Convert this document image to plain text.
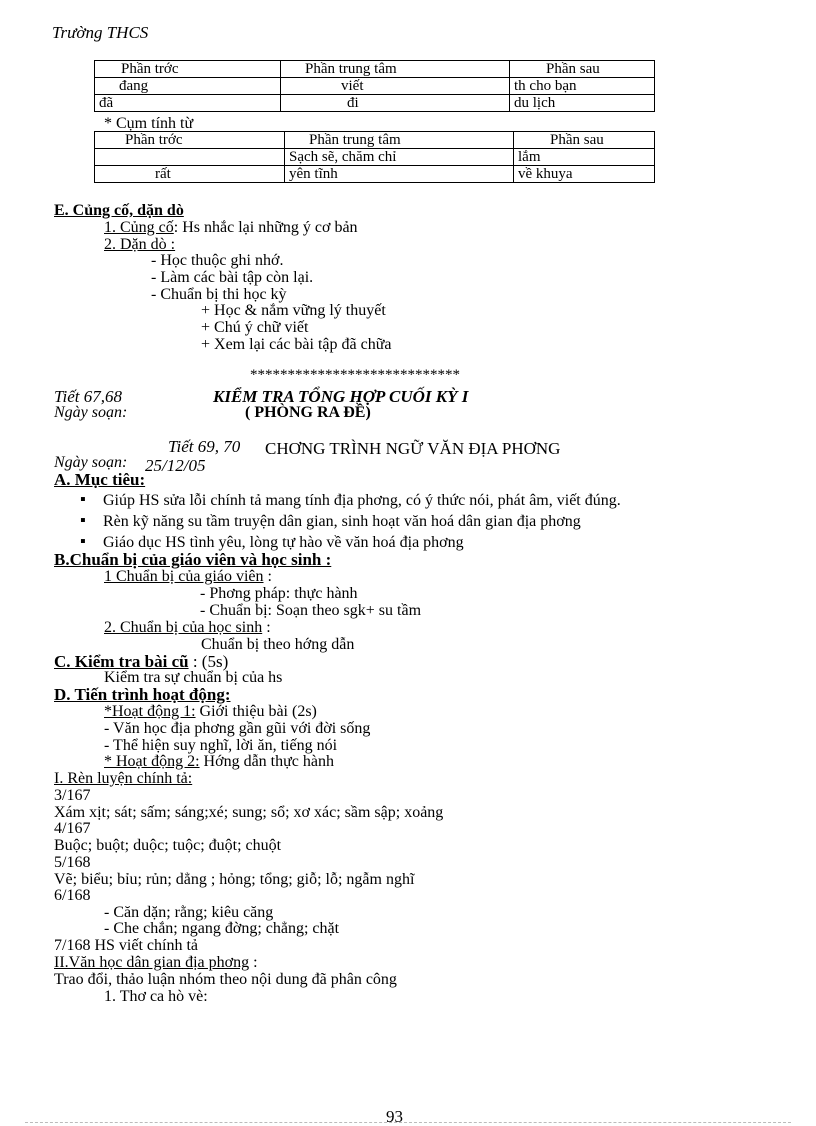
Trường THCS
Phần trớc	Phần trung tâm	Phần sau
đang	viết	th cho bạn
đã	đi	du lịch
* Cụm tính từ
Phần trớc	Phần trung tâm	Phần sau
	Sạch sẽ, chăm chỉ	lắm
rất	yên tĩnh	về khuya
E. Củng cố, dặn dò
1. Củng cố: Hs nhắc lại những ý cơ bản
2. Dặn dò :
- Học thuộc ghi nhớ.
- Làm các bài tập còn lại.
- Chuẩn bị thi học kỳ
+ Học & nắm vững lý thuyết
+ Chú ý chữ viết
+ Xem lại các bài tập đã chữa
****************************
Tiết 67,68	KIỂM TRA TỔNG HỢP CUỐI KỲ I
( PHÒNG RA ĐỀ)
Ngày soạn:
Tiết 69, 70 CHƠNG TRÌNH NGỮ VĂN ĐỊA PHƠNG
Ngày soạn: 25/12/05
A. Mục tiêu:
▪ Giúp HS sửa lỗi chính tả mang tính địa phơng, có ý thức nói, phát âm, viết đúng.
▪ Rèn kỹ năng su tầm truyện dân gian, sinh hoạt văn hoá dân gian địa phơng
▪ Giáo dục HS tình yêu, lòng tự hào về văn hoá địa phơng
B.Chuẩn bị của giáo viên và học sinh :
1 Chuẩn bị của giáo viên :
- Phơng pháp: thực hành
- Chuẩn bị: Soạn theo sgk+ su tầm
2. Chuẩn bị của học sinh :
Chuẩn bị theo hớng dẫn
C. Kiểm tra bài cũ : (5s)
Kiểm tra sự chuẩn bị của hs
D. Tiến trình hoạt động:
*Hoạt động 1: Giới thiệu bài (2s)
- Văn học địa phơng gần gũi với đời sống
- Thể hiện suy nghĩ, lời ăn, tiếng nói
* Hoạt động 2: Hớng dẫn thực hành
I. Rèn luyện chính tả:
3/167
Xám xịt; sát; sấm; sáng;xé; sung; sổ; xơ xác; sầm sập; xoảng
4/167
Buộc; buột; duộc; tuộc; đuột; chuột
5/168
Vẽ; biểu; bỉu; rủn; dẳng ; hỏng; tổng; giỗ; lỗ; ngẫm nghĩ
6/168
- Căn dặn; rằng; kiêu căng
- Che chắn; ngang đờng; chẳng; chặt
7/168 HS viết chính tả
II.Văn học dân gian địa phơng :
Trao đổi, thảo luận nhóm theo nội dung đã phân công
1. Thơ ca hò vè:
93
